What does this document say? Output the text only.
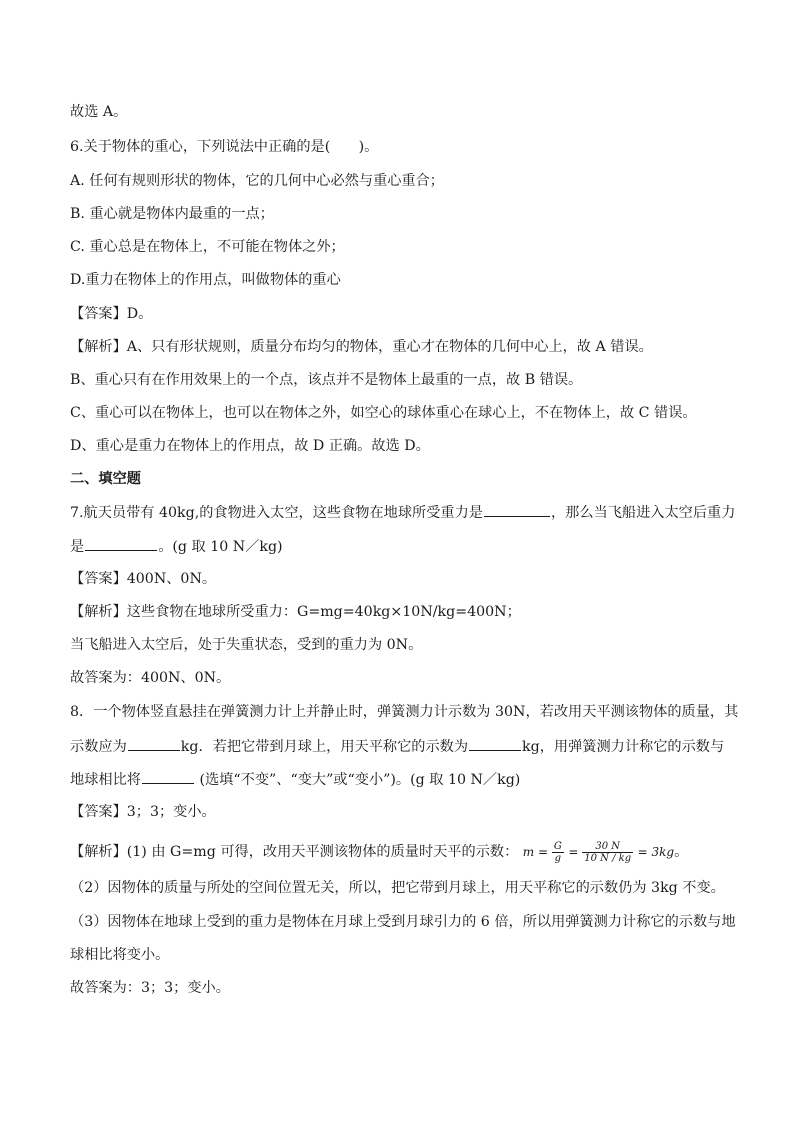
故选 A。
6.关于物体的重心，下列说法中正确的是(　　)。
A. 任何有规则形状的物体，它的几何中心必然与重心重合；
B. 重心就是物体内最重的一点；
C. 重心总是在物体上，不可能在物体之外；
D.重力在物体上的作用点，叫做物体的重心
【答案】D。
【解析】A、只有形状规则，质量分布均匀的物体，重心才在物体的几何中心上，故 A 错误。
B、重心只有在作用效果上的一个点，该点并不是物体上最重的一点，故 B 错误。
C、重心可以在物体上，也可以在物体之外，如空心的球体重心在球心上，不在物体上，故 C 错误。
D、重心是重力在物体上的作用点，故 D 正确。故选 D。
二、填空题
7.航天员带有 40kg,的食物进入太空，这些食物在地球所受重力是	，那么当飞船进入太空后重力
是	。(g 取 10 N／kg)
【答案】400N、0N。
【解析】这些食物在地球所受重力：G=mg=40kg×10N/kg=400N；
当飞船进入太空后，处于失重状态，受到的重力为 0N。
故答案为：400N、0N。
8．一个物体竖直悬挂在弹簧测力计上并静止时，弹簧测力计示数为 30N，若改用天平测该物体的质量，其
示数应为	kg．若把它带到月球上，用天平称它的示数为	kg，用弹簧测力计称它的示数与
地球相比将	(选填“不变”、“变大”或“变小”)。(g 取 10 N／kg)
【答案】3；3；变小。
【解析】(1) 由 G=mg 可得，改用天平测该物体的质量时天平的示数： $m = \frac{G}{g} = \frac{30 N}{10 N / kg} = 3kg$。
（2）因物体的质量与所处的空间位置无关，所以，把它带到月球上，用天平称它的示数仍为 3kg 不变。
（3）因物体在地球上受到的重力是物体在月球上受到月球引力的 6 倍，所以用弹簧测力计称它的示数与地
球相比将变小。
故答案为：3；3；变小。
